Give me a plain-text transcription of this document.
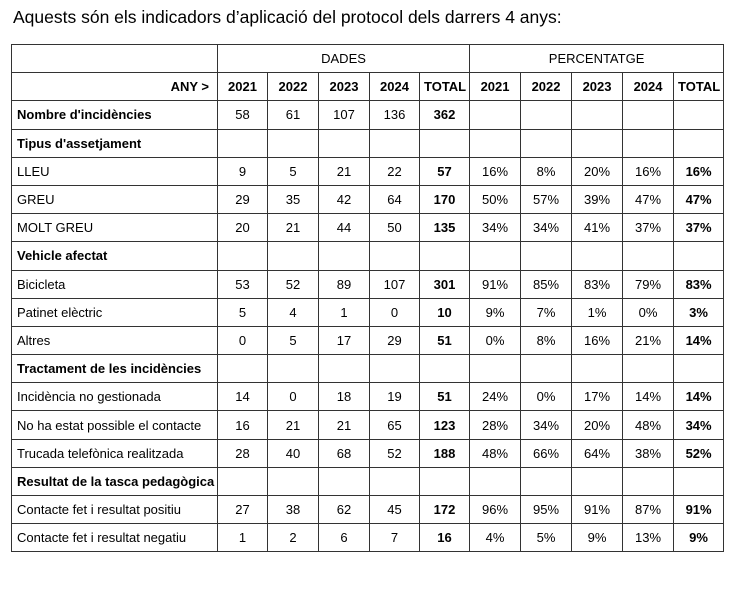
Aquests són els indicadors d’aplicació del protocol dels darrers 4 anys:
	DADES					PERCENTATGE				
ANY >	2021	2022	2023	2024	TOTAL	2021	2022	2023	2024	TOTAL
Nombre d'incidències	58	61	107	136	362					
Tipus d'assetjament										
LLEU	9	5	21	22	57	16%	8%	20%	16%	16%
GREU	29	35	42	64	170	50%	57%	39%	47%	47%
MOLT GREU	20	21	44	50	135	34%	34%	41%	37%	37%
Vehicle afectat										
Bicicleta	53	52	89	107	301	91%	85%	83%	79%	83%
Patinet elèctric	5	4	1	0	10	9%	7%	1%	0%	3%
Altres	0	5	17	29	51	0%	8%	16%	21%	14%
Tractament de les incidències										
Incidència no gestionada	14	0	18	19	51	24%	0%	17%	14%	14%
No ha estat possible el contacte	16	21	21	65	123	28%	34%	20%	48%	34%
Trucada telefònica realitzada	28	40	68	52	188	48%	66%	64%	38%	52%
Resultat de la tasca pedagògica										
Contacte fet i resultat positiu	27	38	62	45	172	96%	95%	91%	87%	91%
Contacte fet i resultat negatiu	1	2	6	7	16	4%	5%	9%	13%	9%
